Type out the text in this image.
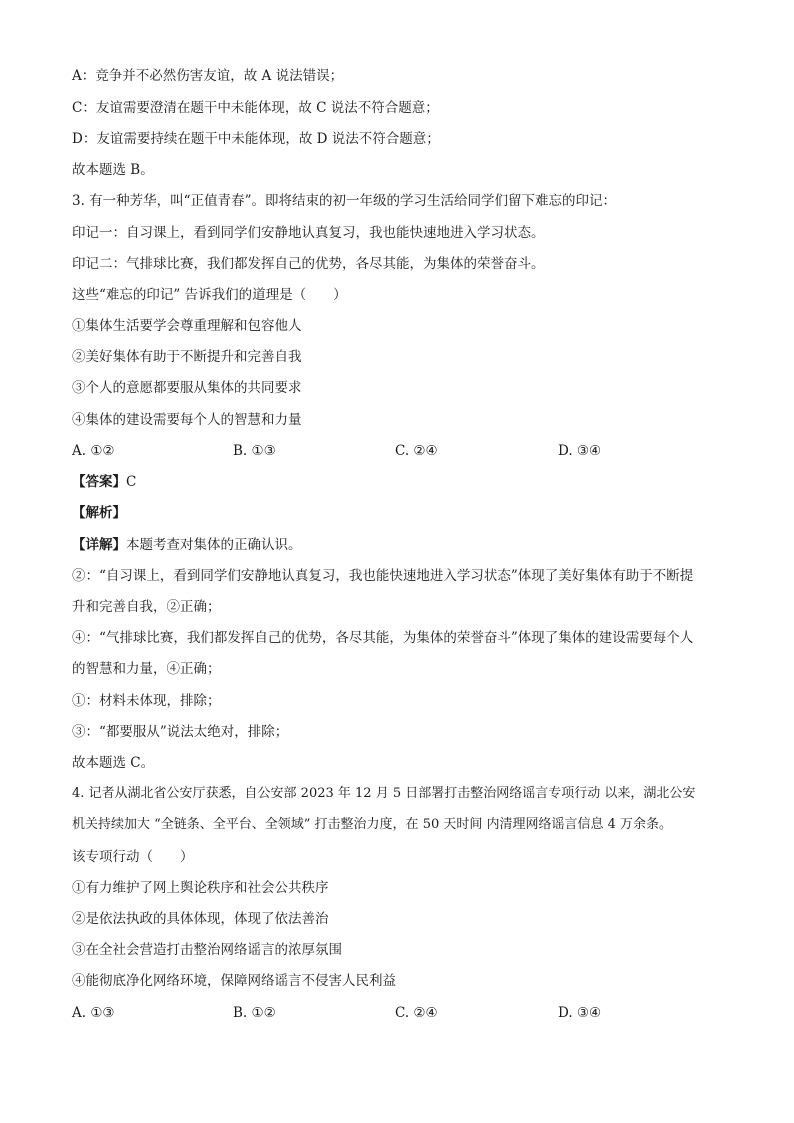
A：竞争并不必然伤害友谊，故 A 说法错误；
C：友谊需要澄清在题干中未能体现，故 C 说法不符合题意；
D：友谊需要持续在题干中未能体现，故 D 说法不符合题意；
故本题选 B。
3. 有一种芳华，叫“正值青春”。即将结束的初一年级的学习生活给同学们留下难忘的印记：
印记一：自习课上，看到同学们安静地认真复习，我也能快速地进入学习状态。
印记二：气排球比赛，我们都发挥自己的优势，各尽其能，为集体的荣誉奋斗。
这些“难忘的印记” 告诉我们的道理是（　　）
①集体生活要学会尊重理解和包容他人
②美好集体有助于不断提升和完善自我
③个人的意愿都要服从集体的共同要求
④集体的建设需要每个人的智慧和力量
A. ①②	B. ①③	C. ②④	D. ③④
【答案】C
【解析】
【详解】本题考查对集体的正确认识。
②：“自习课上，看到同学们安静地认真复习，我也能快速地进入学习状态”体现了美好集体有助于不断提
升和完善自我，②正确；
④：“气排球比赛，我们都发挥自己的优势，各尽其能，为集体的荣誉奋斗”体现了集体的建设需要每个人
的智慧和力量，④正确；
①：材料未体现，排除；
③：“都要服从”说法太绝对，排除；
故本题选 C。
4. 记者从湖北省公安厅获悉，自公安部 2023 年 12 月 5 日部署打击整治网络谣言专项行动 以来，湖北公安
机关持续加大 “全链条、全平台、全领域” 打击整治力度，在 50 天时间 内清理网络谣言信息 4 万余条。
该专项行动（　　）
①有力维护了网上舆论秩序和社会公共秩序
②是依法执政的具体体现，体现了依法善治
③在全社会营造打击整治网络谣言的浓厚氛围
④能彻底净化网络环境，保障网络谣言不侵害人民利益
A. ①③	B. ①②	C. ②④	D. ③④
